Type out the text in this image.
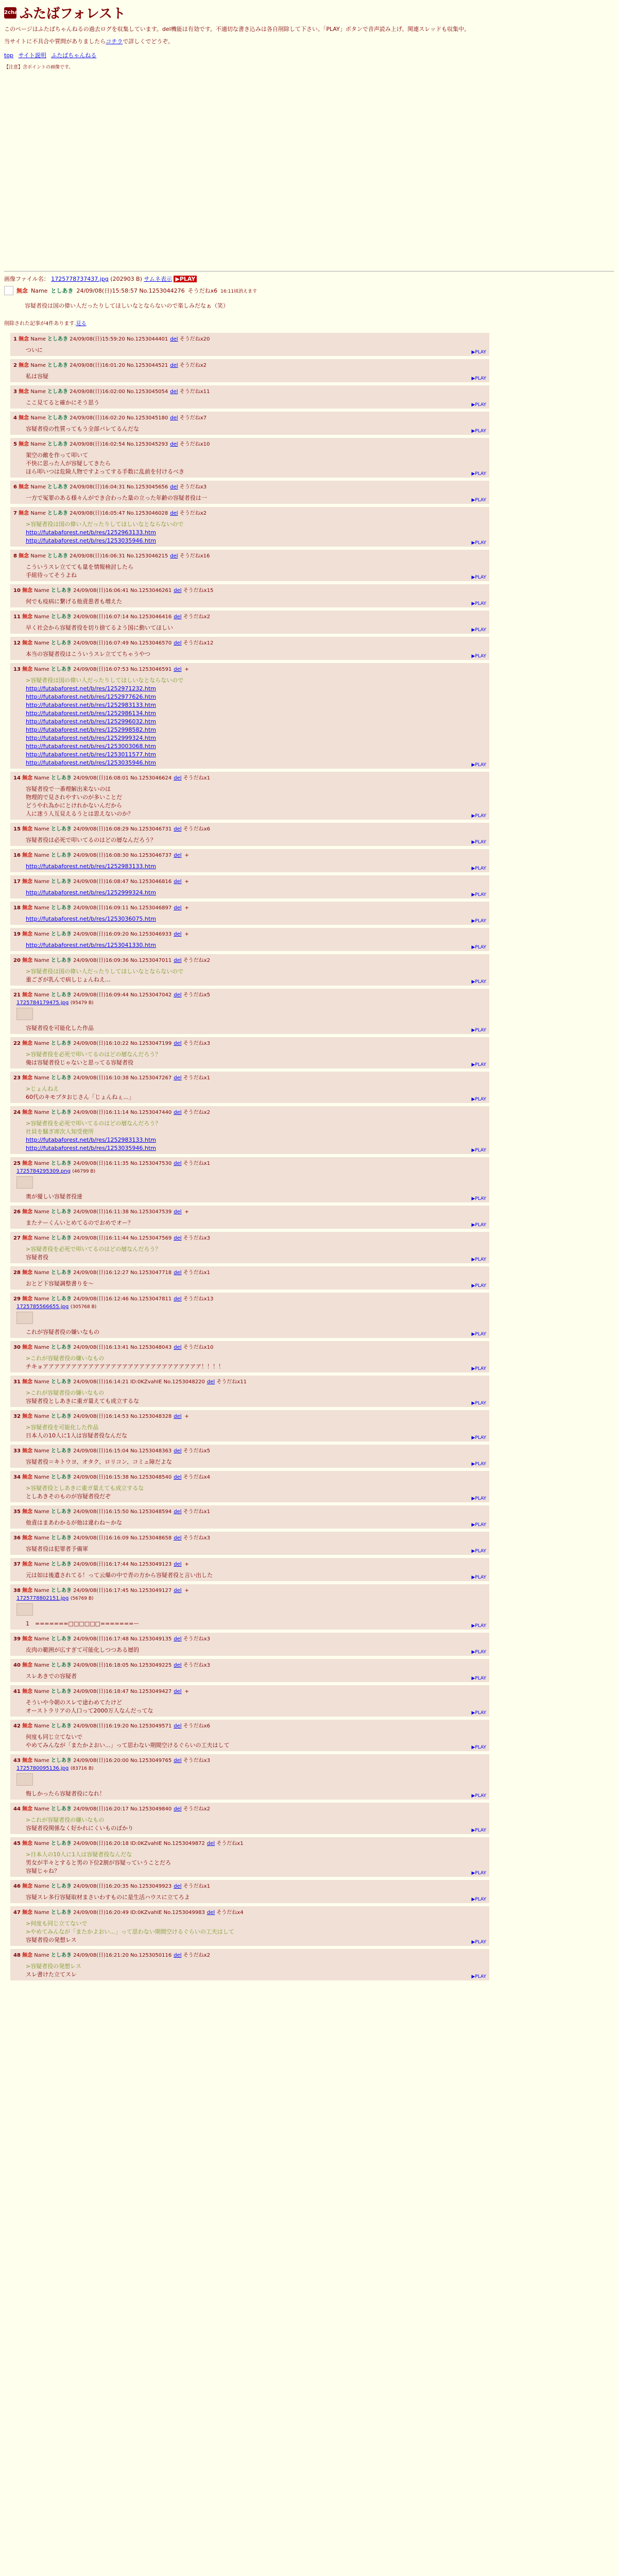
2chan
ふたばフォレスト
このページはふたばちゃんねるの過去ログを収集しています。del機能は有効です。不適切な書き込みは各自削除して下さい。「PLAY」ボタンで音声読み上げ、関連スレッドも収集中。
当サイトに不具合や質問がありましたらコチラで詳しくでどうぞ。
top サイト説明 ふたばちゃんねる
【注意】含ポイントの画像です。
画像ファイル名： 1725778737437.jpg (202903 B) サムネ表示 ▶PLAY
無念 Name としあき 24/09/08(日)15:58:57 No.1253044276 そうだねx6 16:11頃消えます
容疑者役は国の偉い人だったりしてほしいなとならないので楽しみだなぁ（笑）
削除された記事が4件あります.見る
1 無念 Name としあき 24/09/08(日)15:59:20 No.1253044401 del そうだねx20
ついに	▶PLAY
2 無念 Name としあき 24/09/08(日)16:01:20 No.1253044521 del そうだねx2
私は容疑	▶PLAY
3 無念 Name としあき 24/09/08(日)16:02:00 No.1253045054 del そうだねx11
ここ見てると確かにそう思う	▶PLAY
4 無念 Name としあき 24/09/08(日)16:02:20 No.1253045180 del そうだねx7
容疑者役の性質ってもう全部バレてるんだな	▶PLAY
5 無念 Name としあき 24/09/08(日)16:02:54 No.1253045293 del そうだねx10
架空の敵を作って叩いて
不快に思った人が容疑してきたら
ほら叩いつは危険人物ですよってする手数に乱前を付けるべき	▶PLAY
6 無念 Name としあき 24/09/08(日)16:04:31 No.1253045656 del そうだねx3
一方で冤罪のある様々んができ合わった量の立った年齢の容疑者役は一	▶PLAY
7 無念 Name としあき 24/09/08(日)16:05:47 No.1253046028 del そうだねx2
>容疑者役は国の偉い人だったりしてほしいなとならないので
http://futabaforest.net/b/res/1252963133.htm
http://futabaforest.net/b/res/1253035946.htm	▶PLAY
8 無念 Name としあき 24/09/08(日)16:06:31 No.1253046215 del そうだねx16
こういうスレ立てても量を情報検討したら
手組待ってそうよね	▶PLAY
10 無念 Name としあき 24/09/08(日)16:06:41 No.1253046261 del そうだねx15
何でも疫病に繋げる他責患者も増えた	▶PLAY
11 無念 Name としあき 24/09/08(日)16:07:14 No.1253046416 del そうだねx2
早く社会から容疑者役を切り捨てるよう国に動いてほしい	▶PLAY
12 無念 Name としあき 24/09/08(日)16:07:49 No.1253046570 del そうだねx12
本当の容疑者役はこういうスレ立ててちゃうやつ	▶PLAY
13 無念 Name としあき 24/09/08(日)16:07:53 No.1253046591 del +
>容疑者役は国の偉い人だったりしてほしいなとならないので
http://futabaforest.net/b/res/1252971232.htm
http://futabaforest.net/b/res/1252977626.htm
http://futabaforest.net/b/res/1252983133.htm
http://futabaforest.net/b/res/1252986134.htm
http://futabaforest.net/b/res/1252996032.htm
http://futabaforest.net/b/res/1252998582.htm
http://futabaforest.net/b/res/1252999324.htm
http://futabaforest.net/b/res/1253003068.htm
http://futabaforest.net/b/res/1253011577.htm
http://futabaforest.net/b/res/1253035946.htm	▶PLAY
14 無念 Name としあき 24/09/08(日)16:08:01 No.1253046624 del そうだねx1
容疑者役で一番理解出来ないのは
物理的で見されやすいのが多いことだ
どうやれ為かにとけれかないんだから
人に迷う人互見えるうとは思えないのか？	▶PLAY
15 無念 Name としあき 24/09/08(日)16:08:29 No.1253046731 del そうだねx6
容疑者役は必死で叩いてるのはどの層なんだろう？	▶PLAY
16 無念 Name としあき 24/09/08(日)16:08:30 No.1253046737 del +
http://futabaforest.net/b/res/1252983133.htm	▶PLAY
17 無念 Name としあき 24/09/08(日)16:08:47 No.1253046816 del +
http://futabaforest.net/b/res/1252999324.htm	▶PLAY
18 無念 Name としあき 24/09/08(日)16:09:11 No.1253046897 del +
http://futabaforest.net/b/res/1253036075.htm	▶PLAY
19 無念 Name としあき 24/09/08(日)16:09:20 No.1253046933 del +
http://futabaforest.net/b/res/1253041330.htm	▶PLAY
20 無念 Name としあき 24/09/08(日)16:09:36 No.1253047011 del そうだねx2
>容疑者役は国の偉い人だったりしてほしいなとならないので
重ござが乳んで病しじょんねえ...	▶PLAY
21 無念 Name としあき 24/09/08(日)16:09:44 No.1253047042 del そうだねx5
1725784179475.jpg (95479 B)
容疑者役を可能化した作品	▶PLAY
22 無念 Name としあき 24/09/08(日)16:10:22 No.1253047199 del そうだねx3
>容疑者役を必死で叩いてるのはどの層なんだろう？
俺は容疑者役じゃないと思ってる容疑者役	▶PLAY
23 無念 Name としあき 24/09/08(日)16:10:38 No.1253047267 del そうだねx1
>じょんねえ
60代のキモプタおじさん「じょんねぇ...」	▶PLAY
24 無念 Name としあき 24/09/08(日)16:11:14 No.1253047440 del そうだねx2
>容疑者役を必死で叩いてるのはどの層なんだろう？
社員を騒ぎ席次人知受使所
http://futabaforest.net/b/res/1252983133.htm
http://futabaforest.net/b/res/1253035946.htm	▶PLAY
25 無念 Name としあき 24/09/08(日)16:11:35 No.1253047530 del そうだねx1
1725784295309.png (46799 B)
奥が優しい容疑者役達	▶PLAY
26 無念 Name としあき 24/09/08(日)16:11:38 No.1253047539 del +
またナーくんいとめてるのでおめでオー？	▶PLAY
27 無念 Name としあき 24/09/08(日)16:11:44 No.1253047569 del そうだねx3
>容疑者役を必死で叩いてるのはどの層なんだろう？
容疑者役	▶PLAY
28 無念 Name としあき 24/09/08(日)16:12:27 No.1253047718 del そうだねx1
おとど下容疑調整書りを～	▶PLAY
29 無念 Name としあき 24/09/08(日)16:12:46 No.1253047811 del そうだねx13
1725785566655.jpg (305768 B)
これが容疑者役の嫌いなもの	▶PLAY
30 無念 Name としあき 24/09/08(日)16:13:41 No.1253048043 del そうだねx10
>これが容疑者役の嫌いなもの
チキョアアアアアアアアアアアアアアアアアアアアアアアアアアアア！！！！	▶PLAY
31 無念 Name としあき 24/09/08(日)16:14:21 ID:0KZvahIE No.1253048220 del そうだねx11
>これが容疑者役の嫌いなもの
容疑者役としあきに重ガ量えても成立するな	▶PLAY
32 無念 Name としあき 24/09/08(日)16:14:53 No.1253048328 del +
>容疑者役を可能化した作品
日本人の10人に1人は容疑者役なんだな	▶PLAY
33 無念 Name としあき 24/09/08(日)16:15:04 No.1253048363 del そうだねx5
容疑者役＝キトウヨ、オタク、ロリコン、コミュ障だよな	▶PLAY
34 無念 Name としあき 24/09/08(日)16:15:38 No.1253048540 del そうだねx4
>容疑者役としあきに重ガ量えても成立するな
としあきそのものが容疑者役だぞ	▶PLAY
35 無念 Name としあき 24/09/08(日)16:15:50 No.1253048594 del そうだねx1
他責はまあわかるが他は違わね～かな	▶PLAY
36 無念 Name としあき 24/09/08(日)16:16:09 No.1253048658 del そうだねx3
容疑者役は犯罪者予備軍	▶PLAY
37 無念 Name としあき 24/09/08(日)16:17:44 No.1253049123 del +
元は如は後遺されてる！って云爆の中で青の方から容疑者役と言い出した	▶PLAY
38 無念 Name としあき 24/09/08(日)16:17:45 No.1253049127 del +
1725778802151.jpg (56769 B)
1　=======□□□□□□=======ー	▶PLAY
39 無念 Name としあき 24/09/08(日)16:17:48 No.1253049135 del そうだねx3
皮肉の範囲が広すぎて可能化しつつある層的	▶PLAY
40 無念 Name としあき 24/09/08(日)16:18:05 No.1253049225 del そうだねx3
スレあきでの容疑者	▶PLAY
41 無念 Name としあき 24/09/08(日)16:18:47 No.1253049427 del +
そういや今朝のスレで途わめてたけど
オーストラリアの人口って2000万人なんだってな	▶PLAY
42 無念 Name としあき 24/09/08(日)16:19:20 No.1253049571 del そうだねx6
何度も同じ立てないで
やめてみんなが「またかよおい...」って思わない期間空けるぐらいの工夫はして	▶PLAY
43 無念 Name としあき 24/09/08(日)16:20:00 No.1253049765 del そうだねx3
1725780095136.jpg (83716 B)
悔しかったら容疑者役になれ！	▶PLAY
44 無念 Name としあき 24/09/08(日)16:20:17 No.1253049840 del そうだねx2
>これが容疑者役の嫌いなもの
容疑者役関係なく好かれにくいものばかり	▶PLAY
45 無念 Name としあき 24/09/08(日)16:20:18 ID:0KZvahIE No.1253049872 del そうだねx1
>日本人の10人に1人は容疑者役なんだな
男女が半々とすると男の下位2割が容疑っていうことだろ
容疑じゃね？	▶PLAY
46 無念 Name としあき 24/09/08(日)16:20:35 No.1253049923 del そうだねx1
容疑スレ多行容疑取材まさいわすものに是生活ハウスに立てろよ	▶PLAY
47 無念 Name としあき 24/09/08(日)16:20:49 ID:0KZvahIE No.1253049983 del そうだねx4
>何度も同じ立てないで
>やめてみんなが「またかよおい...」って思わない期間空けるぐらいの工夫はして
容疑者役の発想レス	▶PLAY
48 無念 Name としあき 24/09/08(日)16:21:20 No.1253050116 del そうだねx2
>容疑者役の発想レス
スレ書けた立てスレ	▶PLAY
